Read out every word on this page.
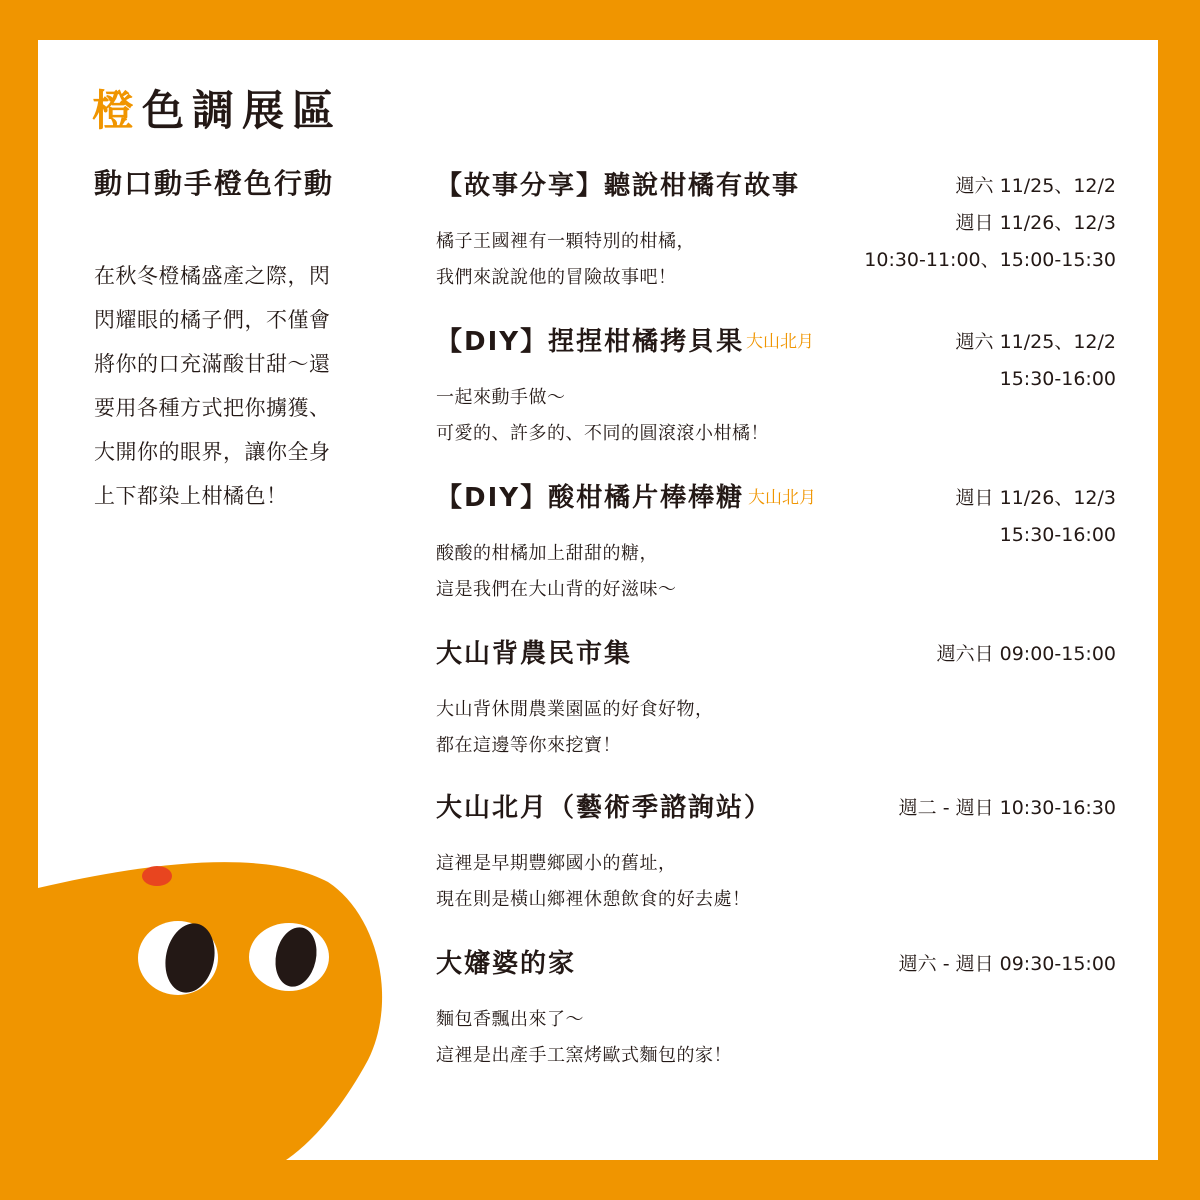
橙色調展區
動口動手橙色行動
在秋冬橙橘盛產之際，閃
閃耀眼的橘子們，不僅會
將你的口充滿酸甘甜～還
要用各種方式把你擄獲、
大開你的眼界，讓你全身
上下都染上柑橘色！
【故事分享】聽說柑橘有故事
橘子王國裡有一顆特別的柑橘，
我們來說說他的冒險故事吧！
週六 11/25、12/2
週日 11/26、12/3
10:30-11:00、15:00-15:30
【DIY】捏捏柑橘拷貝果 大山北月
一起來動手做～
可愛的、許多的、不同的圓滾滾小柑橘！
週六 11/25、12/2
15:30-16:00
【DIY】酸柑橘片棒棒糖 大山北月
酸酸的柑橘加上甜甜的糖，
這是我們在大山背的好滋味～
週日 11/26、12/3
15:30-16:00
大山背農民市集
大山背休閒農業園區的好食好物，
都在這邊等你來挖寶！
週六日 09:00-15:00
大山北月（藝術季諮詢站）
這裡是早期豐鄉國小的舊址，
現在則是橫山鄉裡休憩飲食的好去處！
週二 - 週日 10:30-16:30
大嬸婆的家
麵包香飄出來了～
這裡是出產手工窯烤歐式麵包的家！
週六 - 週日 09:30-15:00
